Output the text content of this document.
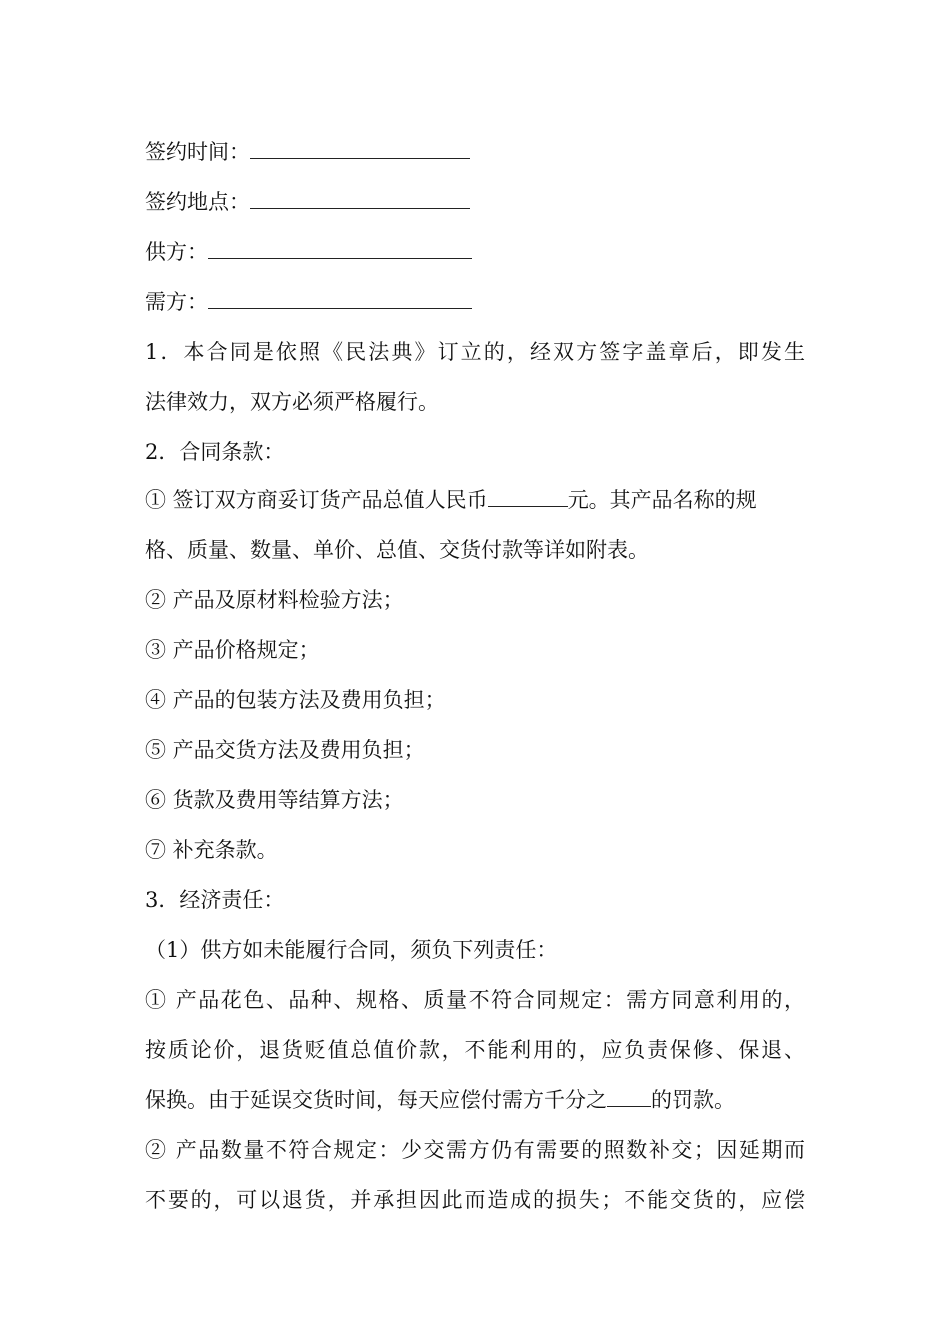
签约时间：
签约地点：
供方：
需方：
1．本合同是依照《民法典》订立的，经双方签字盖章后，即发生
法律效力，双方必须严格履行。
2．合同条款：
① 签订双方商妥订货产品总值人民币	元。其产品名称的规
格、质量、数量、单价、总值、交货付款等详如附表。
② 产品及原材料检验方法；
③ 产品价格规定；
④ 产品的包装方法及费用负担；
⑤ 产品交货方法及费用负担；
⑥ 货款及费用等结算方法；
⑦ 补充条款。
3．经济责任：
（1）供方如未能履行合同，须负下列责任：
① 产品花色、品种、规格、质量不符合同规定：需方同意利用的，
按质论价，退货贬值总值价款，不能利用的，应负责保修、保退、
保换。由于延误交货时间，每天应偿付需方千分之 的罚款。
② 产品数量不符合规定：少交需方仍有需要的照数补交；因延期而
不要的，可以退货，并承担因此而造成的损失；不能交货的，应偿
